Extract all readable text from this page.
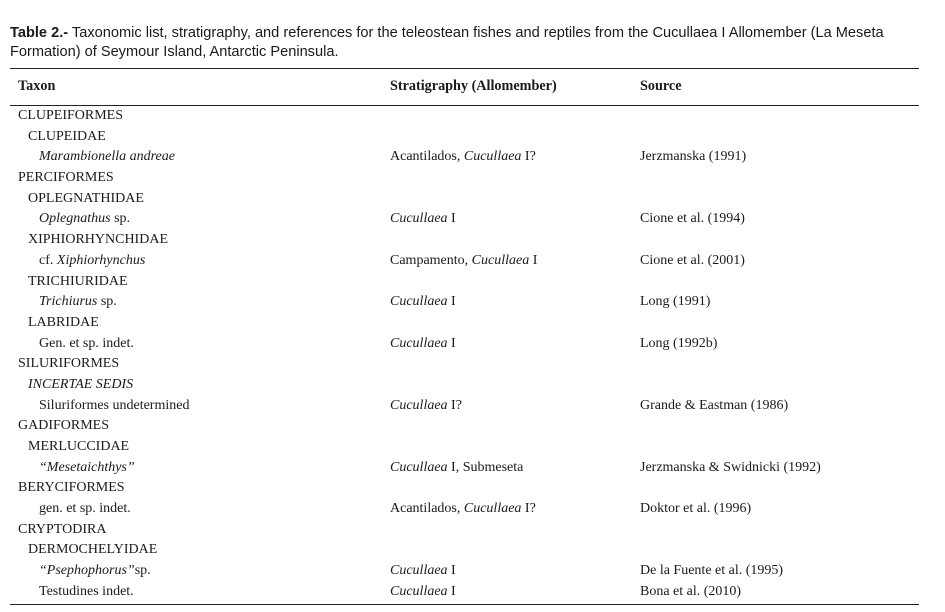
Table 2.- Taxonomic list, stratigraphy, and references for the teleostean fishes and reptiles from the Cucullaea I Allomember (La Meseta Formation) of Seymour Island, Antarctic Peninsula.
Taxon	Stratigraphy (Allomember)	Source
CLUPEIFORMES
CLUPEIDAE
Marambionella andreae	Acantilados, Cucullaea I?	Jerzmanska (1991)
PERCIFORMES
OPLEGNATHIDAE
Oplegnathus sp.	Cucullaea I	Cione et al. (1994)
XIPHIORHYNCHIDAE
cf. Xiphiorhynchus	Campamento, Cucullaea I	Cione et al. (2001)
TRICHIURIDAE
Trichiurus sp.	Cucullaea I	Long (1991)
LABRIDAE
Gen. et sp. indet.	Cucullaea I	Long (1992b)
SILURIFORMES
INCERTAE SEDIS
Siluriformes undetermined	Cucullaea I?	Grande & Eastman (1986)
GADIFORMES
MERLUCCIDAE
“Mesetaichthys”	Cucullaea I, Submeseta	Jerzmanska & Swidnicki (1992)
BERYCIFORMES
gen. et sp. indet.	Acantilados, Cucullaea I?	Doktor et al. (1996)
CRYPTODIRA
DERMOCHELYIDAE
“Psephophorus”sp.	Cucullaea I	De la Fuente et al. (1995)
Testudines indet.	Cucullaea I	Bona et al. (2010)
